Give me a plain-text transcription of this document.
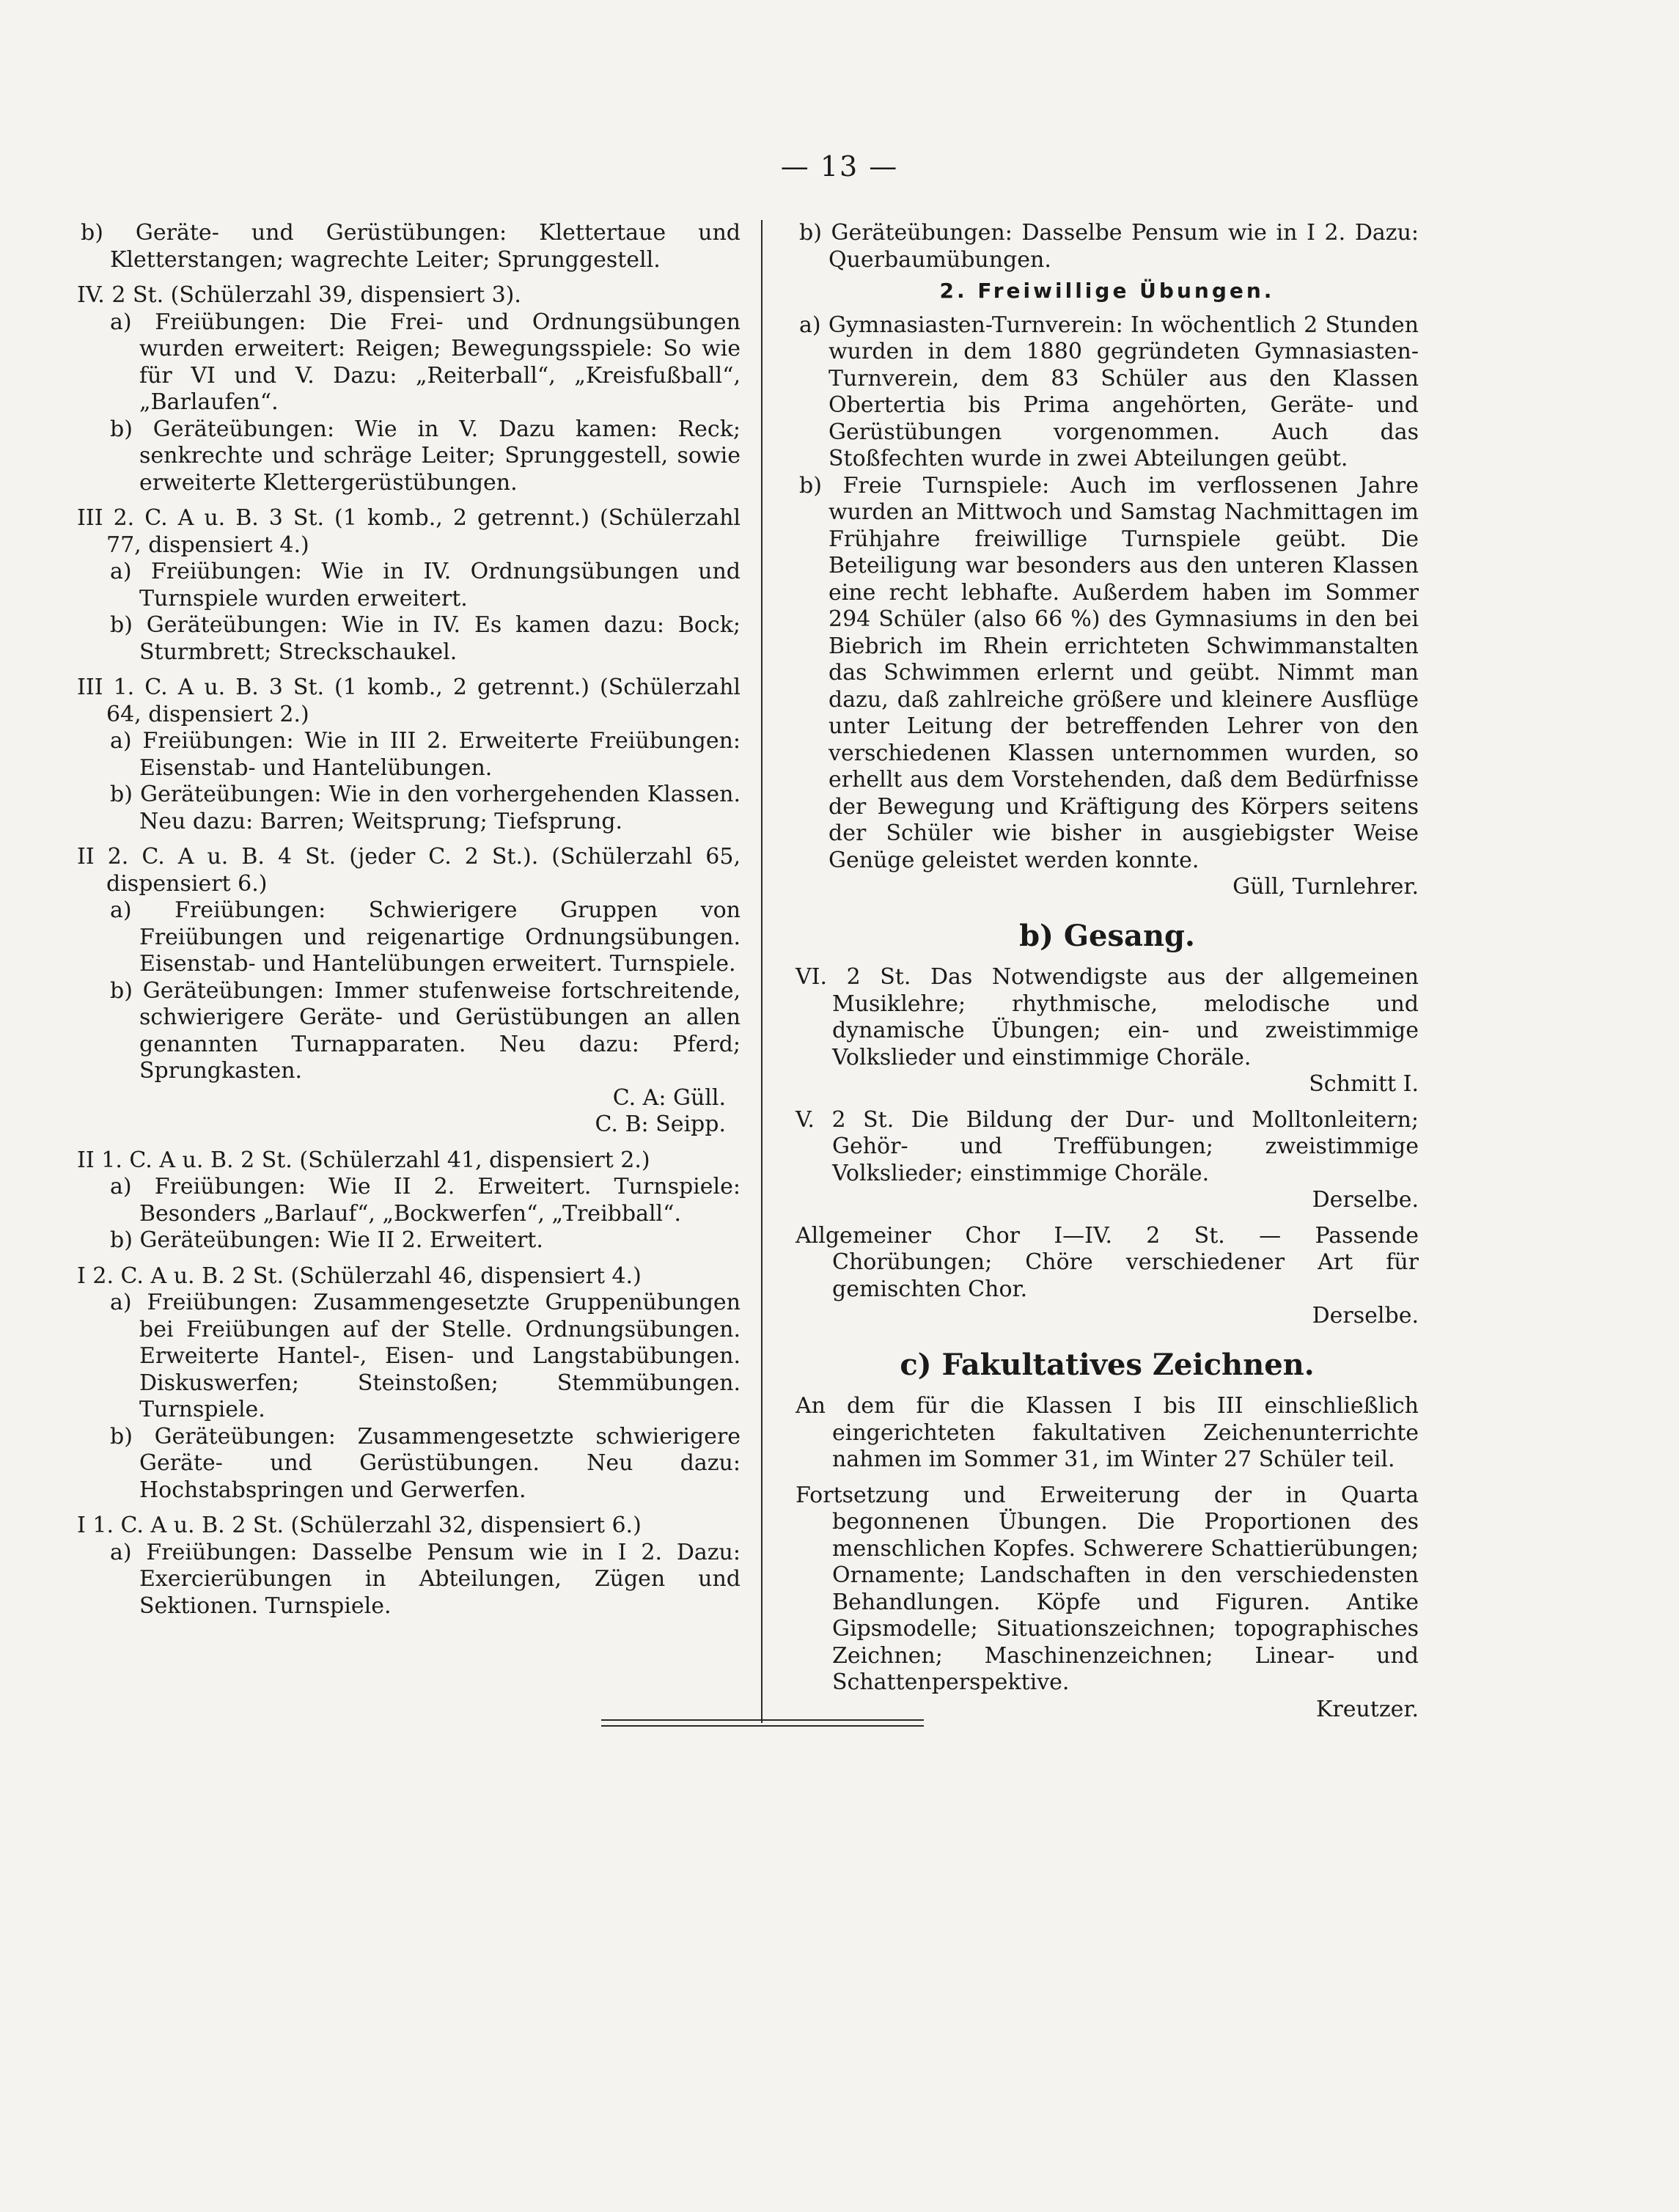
— 13 —

b) Geräte- und Gerüstübungen: Klettertaue und Kletterstangen; wagrechte Leiter; Sprunggestell.

IV. 2 St. (Schülerzahl 39, dispensiert 3).

a) Freiübungen: Die Frei- und Ordnungsübungen wurden erweitert: Reigen; Bewegungsspiele: So wie für VI und V. Dazu: „Reiterball“, „Kreisfußball“, „Barlaufen“.

b) Geräteübungen: Wie in V. Dazu kamen: Reck; senkrechte und schräge Leiter; Sprunggestell, sowie erweiterte Klettergerüstübungen.

III 2. C. A u. B. 3 St. (1 komb., 2 getrennt.) (Schülerzahl 77, dispensiert 4.)

a) Freiübungen: Wie in IV. Ordnungsübungen und Turnspiele wurden erweitert.

b) Geräteübungen: Wie in IV. Es kamen dazu: Bock; Sturmbrett; Streckschaukel.

III 1. C. A u. B. 3 St. (1 komb., 2 getrennt.) (Schülerzahl 64, dispensiert 2.)

a) Freiübungen: Wie in III 2. Erweiterte Freiübungen: Eisenstab- und Hantelübungen.

b) Geräteübungen: Wie in den vorhergehenden Klassen. Neu dazu: Barren; Weitsprung; Tiefsprung.

II 2. C. A u. B. 4 St. (jeder C. 2 St.). (Schülerzahl 65, dispensiert 6.)

a) Freiübungen: Schwierigere Gruppen von Freiübungen und reigenartige Ordnungsübungen. Eisenstab- und Hantelübungen erweitert. Turnspiele.

b) Geräteübungen: Immer stufenweise fortschreitende, schwierigere Geräte- und Gerüstübungen an allen genannten Turnapparaten. Neu dazu: Pferd; Sprungkasten.

C. A: Güll.

C. B: Seipp.

II 1. C. A u. B. 2 St. (Schülerzahl 41, dispensiert 2.)

a) Freiübungen: Wie II 2. Erweitert. Turnspiele: Besonders „Barlauf“, „Bockwerfen“, „Treibball“.

b) Geräteübungen: Wie II 2. Erweitert.

I 2. C. A u. B. 2 St. (Schülerzahl 46, dispensiert 4.)

a) Freiübungen: Zusammengesetzte Gruppenübungen bei Freiübungen auf der Stelle. Ordnungsübungen. Erweiterte Hantel-, Eisen- und Langstabübungen. Diskuswerfen; Steinstoßen; Stemmübungen. Turnspiele.

b) Geräteübungen: Zusammengesetzte schwierigere Geräte- und Gerüstübungen. Neu dazu: Hochstabspringen und Gerwerfen.

I 1. C. A u. B. 2 St. (Schülerzahl 32, dispensiert 6.)

a) Freiübungen: Dasselbe Pensum wie in I 2. Dazu: Exercierübungen in Abteilungen, Zügen und Sektionen. Turnspiele.

b) Geräteübungen: Dasselbe Pensum wie in I 2. Dazu: Querbaumübungen.

2. Freiwillige Übungen.

a) Gymnasiasten-Turnverein: In wöchentlich 2 Stunden wurden in dem 1880 gegründeten Gymnasiasten-Turnverein, dem 83 Schüler aus den Klassen Obertertia bis Prima angehörten, Geräte- und Gerüstübungen vorgenommen. Auch das Stoßfechten wurde in zwei Abteilungen geübt.

b) Freie Turnspiele: Auch im verflossenen Jahre wurden an Mittwoch und Samstag Nachmittagen im Frühjahre freiwillige Turnspiele geübt. Die Beteiligung war besonders aus den unteren Klassen eine recht lebhafte. Außerdem haben im Sommer 294 Schüler (also 66 %) des Gymnasiums in den bei Biebrich im Rhein errichteten Schwimmanstalten das Schwimmen erlernt und geübt. Nimmt man dazu, daß zahlreiche größere und kleinere Ausflüge unter Leitung der betreffenden Lehrer von den verschiedenen Klassen unternommen wurden, so erhellt aus dem Vorstehenden, daß dem Bedürfnisse der Bewegung und Kräftigung des Körpers seitens der Schüler wie bisher in ausgiebigster Weise Genüge geleistet werden konnte.

Güll, Turnlehrer.

b) Gesang.

VI. 2 St. Das Notwendigste aus der allgemeinen Musiklehre; rhythmische, melodische und dynamische Übungen; ein- und zweistimmige Volkslieder und einstimmige Choräle.

Schmitt I.

V. 2 St. Die Bildung der Dur- und Molltonleitern; Gehör- und Treffübungen; zweistimmige Volkslieder; einstimmige Choräle.

Derselbe.

Allgemeiner Chor I—IV. 2 St. — Passende Chorübungen; Chöre verschiedener Art für gemischten Chor.

Derselbe.

c) Fakultatives Zeichnen.

An dem für die Klassen I bis III einschließlich eingerichteten fakultativen Zeichenunterrichte nahmen im Sommer 31, im Winter 27 Schüler teil.

Fortsetzung und Erweiterung der in Quarta begonnenen Übungen. Die Proportionen des menschlichen Kopfes. Schwerere Schattierübungen; Ornamente; Landschaften in den verschiedensten Behandlungen. Köpfe und Figuren. Antike Gipsmodelle; Situationszeichnen; topographisches Zeichnen; Maschinenzeichnen; Linear- und Schattenperspektive.

Kreutzer.
